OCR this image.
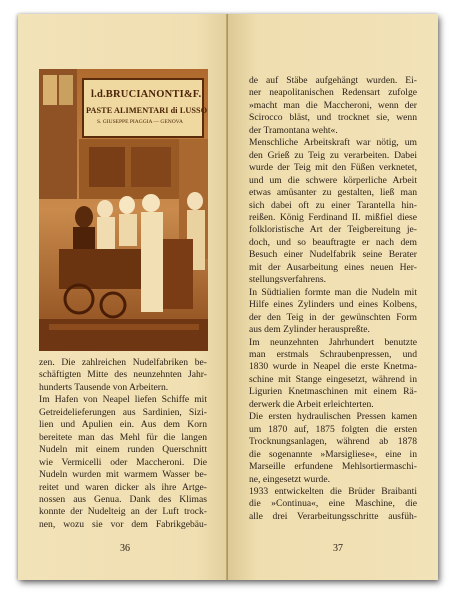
l.d.BRUCIANONTI&F.
PASTE ALIMENTARI di LUSSO
S. GIUSEPPE PIAGGIA — GENOVA
zen. Die zahlreichen Nudelfabriken be-
schäftigten Mitte des neunzehnten Jahr-
hunderts Tausende von Arbeitern.
Im Hafen von Neapel liefen Schiffe mit
Getreidelieferungen aus Sardinien, Sizi-
lien und Apulien ein. Aus dem Korn
bereitete man das Mehl für die langen
Nudeln mit einem runden Querschnitt
wie Vermicelli oder Maccheroni. Die
Nudeln wurden mit warmem Wasser be-
reitet und waren dicker als ihre Artge-
nossen aus Genua. Dank des Klimas
konnte der Nudelteig an der Luft trock-
nen, wozu sie vor dem Fabrikgebäu-
36
de auf Stäbe aufgehängt wurden. Ei-
ner neapolitanischen Redensart zufolge
»macht man die Maccheroni, wenn der
Scirocco bläst, und trocknet sie, wenn
der Tramontana weht«.
Menschliche Arbeitskraft war nötig, um
den Grieß zu Teig zu verarbeiten. Dabei
wurde der Teig mit den Füßen verknetet,
und um die schwere körperliche Arbeit
etwas amüsanter zu gestalten, ließ man
sich dabei oft zu einer Tarantella hin-
reißen. König Ferdinand II. mißfiel diese
folkloristische Art der Teigbereitung je-
doch, und so beauftragte er nach dem
Besuch einer Nudelfabrik seine Berater
mit der Ausarbeitung eines neuen Her-
stellungsverfahrens.
In Südtialien formte man die Nudeln mit
Hilfe eines Zylinders und eines Kolbens,
der den Teig in der gewünschten Form
aus dem Zylinder herauspreßte.
Im neunzehnten Jahrhundert benutzte
man erstmals Schraubenpressen, und
1830 wurde in Neapel die erste Knetma-
schine mit Stange eingesetzt, während in
Ligurien Knetmaschinen mit einem Rä-
derwerk die Arbeit erleichterten.
Die ersten hydraulischen Pressen kamen
um 1870 auf, 1875 folgten die ersten
Trocknungsanlagen, während ab 1878
die sogenannte »Marsigliese«, eine in
Marseille erfundene Mehlsortiermaschi-
ne, eingesetzt wurde.
1933 entwickelten die Brüder Braibanti
die »Continua«, eine Maschine, die
alle drei Verarbeitungsschritte ausfüh-
37
